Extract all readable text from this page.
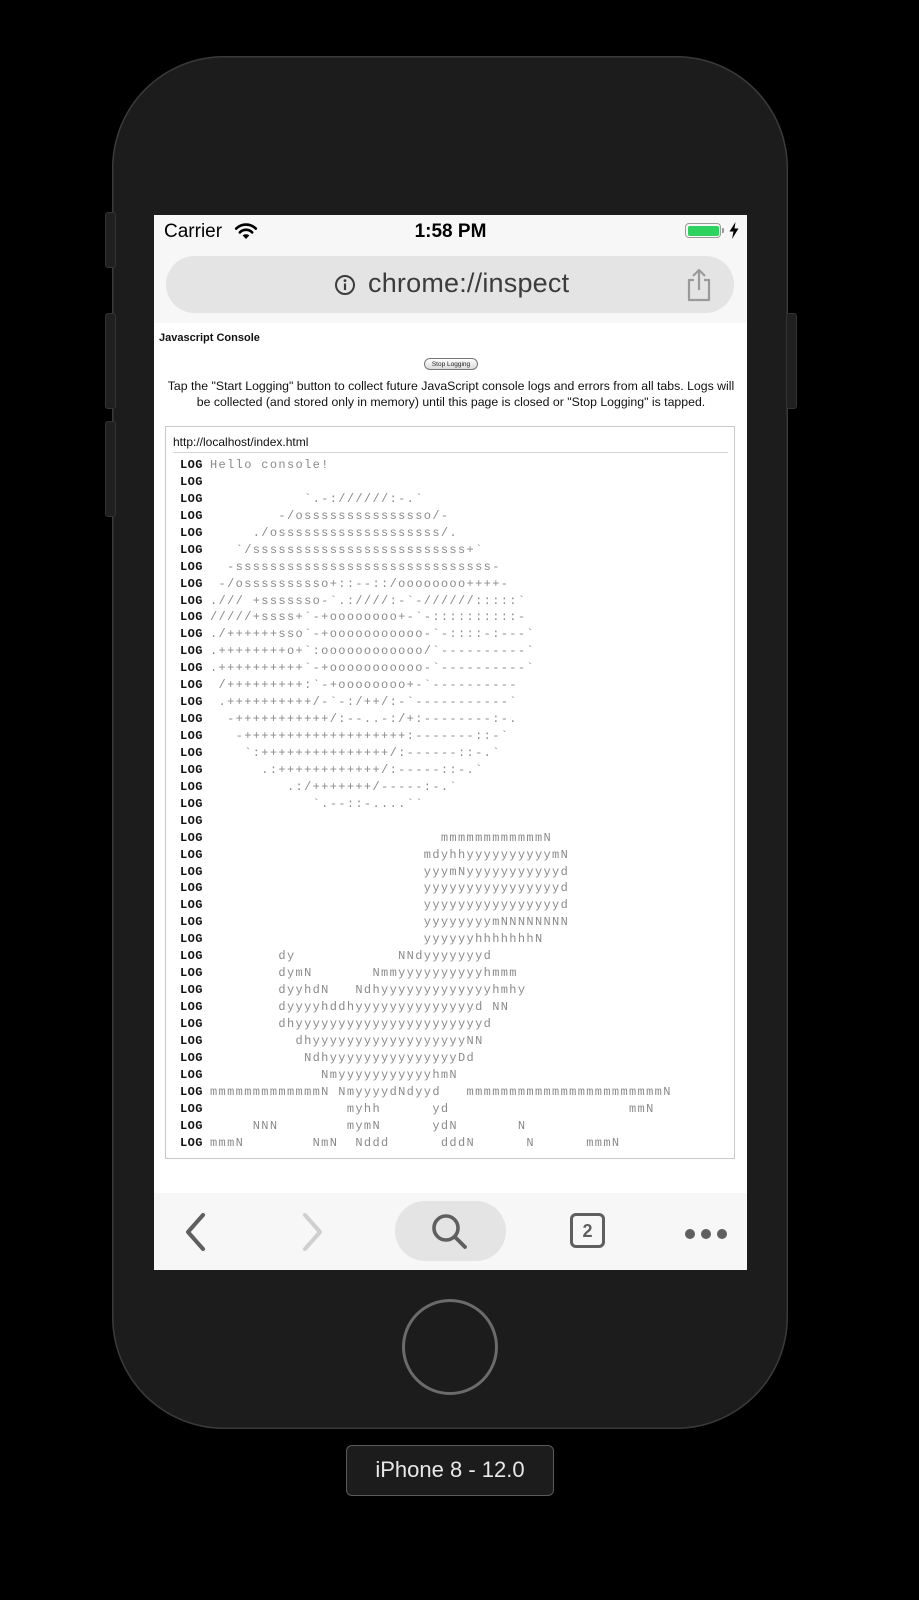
Carrier	1:58 PM
chrome://inspect
Javascript Console
Stop Logging
Tap the "Start Logging" button to collect future JavaScript console logs and errors from all tabs. Logs will be collected (and stored only in memory) until this page is closed or "Stop Logging" is tapped.
http://localhost/index.html
LOG Hello console!
LOG
LOG           `.-://////:-.`
LOG        -/osssssssssssssso/-
LOG     ./osssssssssssssssssss/.
LOG   `/sssssssssssssssssssssssss+`
LOG  -ssssssssssssssssssssssssssssss-
LOG -/ossssssssso+::--::/oooooooo++++-
LOG ./// +sssssso-`.:////:-`-//////:::::`
LOG /////+ssss+`-+oooooooo+-`-::::::::::-
LOG ./++++++sso`-+ooooooooooo-`-::::-:---`
LOG .++++++++o+`:oooooooooooo/`----------`
LOG .++++++++++`-+ooooooooooo-`----------`
LOG /+++++++++:`-+oooooooo+-`----------
LOG .++++++++++/-`-:/++/:-`-----------`
LOG  -+++++++++++/:--..-:/+:--------:-.
LOG   -+++++++++++++++++++:-------::-`
LOG    `:+++++++++++++++/:------::-.`
LOG      .:++++++++++++/:-----::-.`
LOG         .:/+++++++/-----:-.`
LOG            `.--::-....``
LOG
LOG                           mmmmmmmmmmmmN
LOG                         mdyhhyyyyyyyyyymN
LOG                         yyymNyyyyyyyyyyyd
LOG                         yyyyyyyyyyyyyyyyd
LOG                         yyyyyyyyyyyyyyyyd
LOG                         yyyyyyyymNNNNNNNN
LOG                         yyyyyyhhhhhhhN
LOG        dy            NNdyyyyyyyd
LOG        dymN       Nmmyyyyyyyyyyhmmm
LOG        dyyhdN   Ndhyyyyyyyyyyyyyhmhy
LOG        dyyyyhddhyyyyyyyyyyyyyyd NN
LOG        dhyyyyyyyyyyyyyyyyyyyyyyd
LOG          dhyyyyyyyyyyyyyyyyyyNN
LOG           NdhyyyyyyyyyyyyyyyDd
LOG             NmyyyyyyyyyyyhmN
LOG mmmmmmmmmmmmmN NmyyyydNdyyd   mmmmmmmmmmmmmmmmmmmmmmmN
LOG                myhh      yd                     mmN
LOG     NNN        mymN      ydN       N
LOG mmmN        NmN  Nddd      dddN      N      mmmN
2
iPhone 8 - 12.0
